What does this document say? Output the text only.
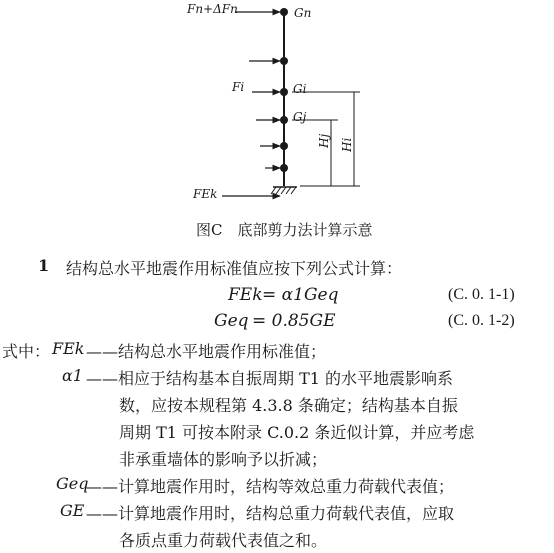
Fn+ΔFn	Gn
Fi	Gi
Gj
Hj Hi
FEk
图C　底部剪力法计算示意
1 结构总水平地震作用标准值应按下列公式计算：
FEk = α1Geq	(C. 0. 1-1)
Geq = 0.85GE	(C. 0. 1-2)
式中： FEk ——结构总水平地震作用标准值；
α1 ——相应于结构基本自振周期 T1 的水平地震影响系
数，应按本规程第 4.3.8 条确定；结构基本自振
周期 T1 可按本附录 C.0.2 条近似计算，并应考虑
非承重墙体的影响予以折减；
Geq
——计算地震作用时，结构等效总重力荷载代表值；
GE ——计算地震作用时，结构总重力荷载代表值，应取
各质点重力荷载代表值之和。
